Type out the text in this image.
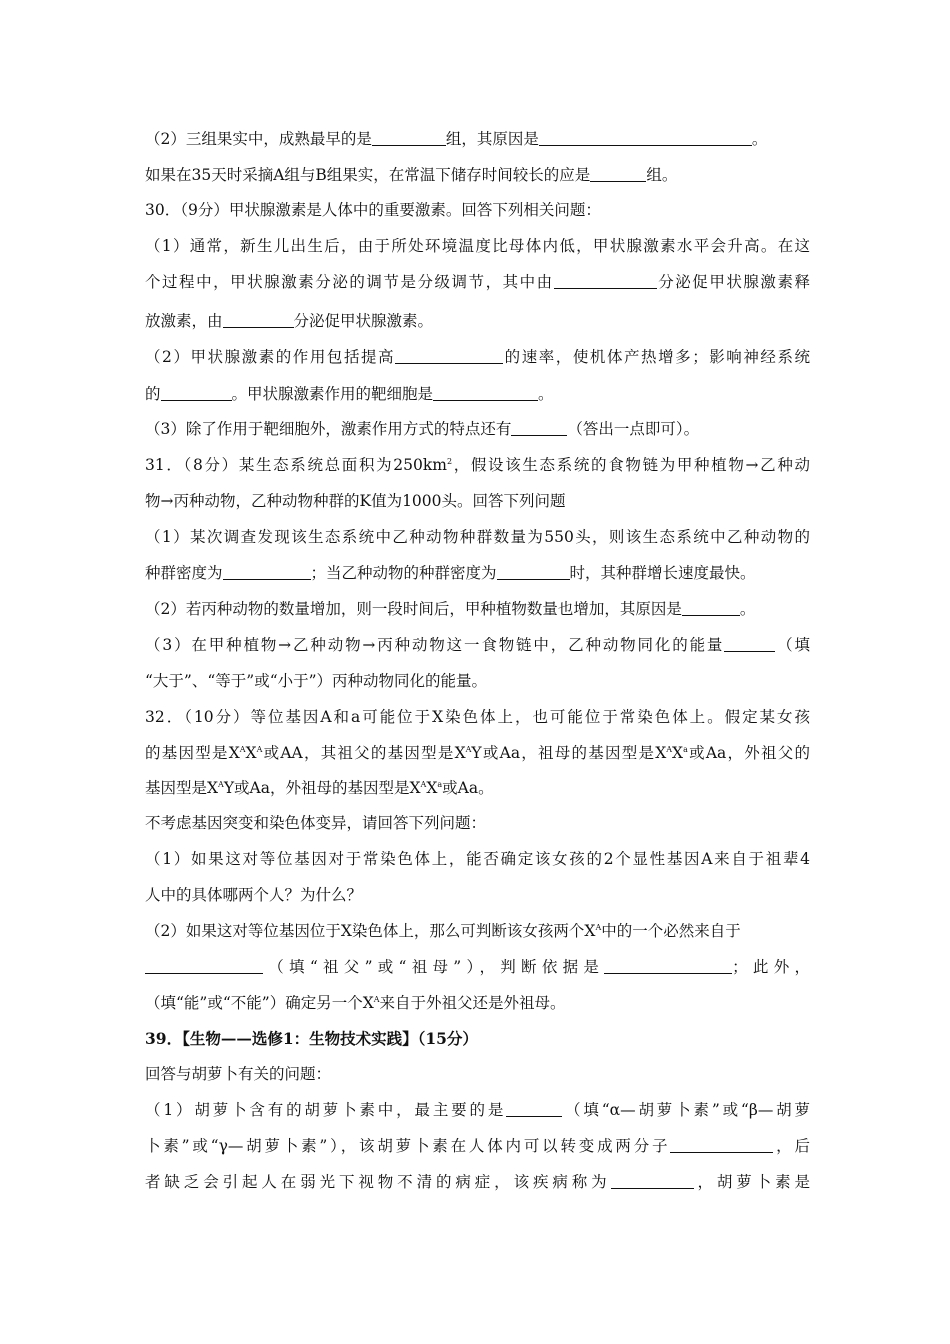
（2）三组果实中，成熟最早的是	组，其原因是	。
如果在35天时采摘A组与B组果实，在常温下储存时间较长的应是	组。
30．（9分）甲状腺激素是人体中的重要激素。回答下列相关问题：
（1）通常，新生儿出生后，由于所处环境温度比母体内低，甲状腺激素水平会升高。在这
个过程中，甲状腺激素分泌的调节是分级调节，其中由	分泌促甲状腺激素释
放激素，由	分泌促甲状腺激素。
（2）甲状腺激素的作用包括提高	的速率，使机体产热增多；影响神经系统
的	。甲状腺激素作用的靶细胞是	。
（3）除了作用于靶细胞外，激素作用方式的特点还有	（答出一点即可）。
31．（8分）某生态系统总面积为$250km^2$，假设该生态系统的食物链为甲种植物→乙种动
物→丙种动物，乙种动物种群的K值为1000头。回答下列问题
（1）某次调查发现该生态系统中乙种动物种群数量为550头，则该生态系统中乙种动物的
种群密度为	；当乙种动物的种群密度为	时，其种群增长速度最快。
（2）若丙种动物的数量增加，则一段时间后，甲种植物数量也增加，其原因是	。
（3）在甲种植物→乙种动物→丙种动物这一食物链中，乙种动物同化的能量	（填
“大于”、“等于”或“小于”）丙种动物同化的能量。
32．（10分）等位基因A和a可能位于X染色体上，也可能位于常染色体上。假定某女孩
的基因型是$X^AX^A$或AA，其祖父的基因型是$X^AY$或Aa，祖母的基因型是$X^AX^a$或Aa，外祖父的
基因型是$X^AY$或Aa，外祖母的基因型是$X^AX^a$或Aa。
不考虑基因突变和染色体变异，请回答下列问题：
（1）如果这对等位基因对于常染色体上，能否确定该女孩的2个显性基因A来自于祖辈4
人中的具体哪两个人？为什么？
（2）如果这对等位基因位于X染色体上，那么可判断该女孩两个$X^A$中的一个必然来自于
（填“祖父”或“祖母”），判断依据是	；此外，
（填“能”或“不能”）确定另一个$X^A$来自于外祖父还是外祖母。
39．【生物——选修1：生物技术实践】（15分）
回答与胡萝卜有关的问题：
（1）胡萝卜含有的胡萝卜素中，最主要的是	（填“α—胡萝卜素”或“β—胡萝
卜素”或“γ—胡萝卜素”），该胡萝卜素在人体内可以转变成两分子	，后
者缺乏会引起人在弱光下视物不清的病症，该疾病称为	，胡萝卜素是
